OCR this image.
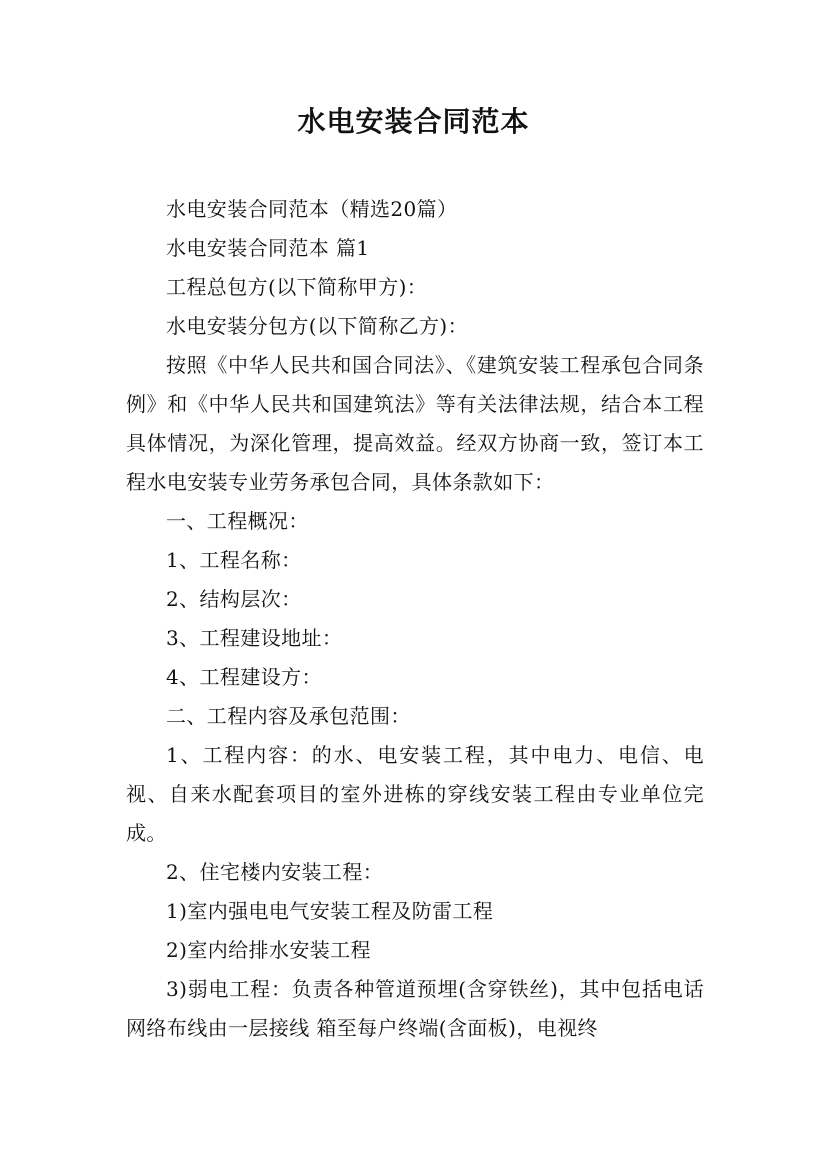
水电安装合同范本

水电安装合同范本（精选20篇）

水电安装合同范本 篇1

工程总包方(以下简称甲方)：

水电安装分包方(以下简称乙方)：

按照《中华人民共和国合同法》、《建筑安装工程承包合同条例》和《中华人民共和国建筑法》等有关法律法规，结合本工程具体情况，为深化管理，提高效益。经双方协商一致，签订本工程水电安装专业劳务承包合同，具体条款如下：

一、工程概况：

1、工程名称：

2、结构层次：

3、工程建设地址：

4、工程建设方：

二、工程内容及承包范围：

1、工程内容：的水、电安装工程，其中电力、电信、电视、自来水配套项目的室外进栋的穿线安装工程由专业单位完成。

2、住宅楼内安装工程：

1)室内强电电气安装工程及防雷工程

2)室内给排水安装工程

3)弱电工程：负责各种管道预埋(含穿铁丝)，其中包括电话网络布线由一层接线 箱至每户终端(含面板)，电视终
